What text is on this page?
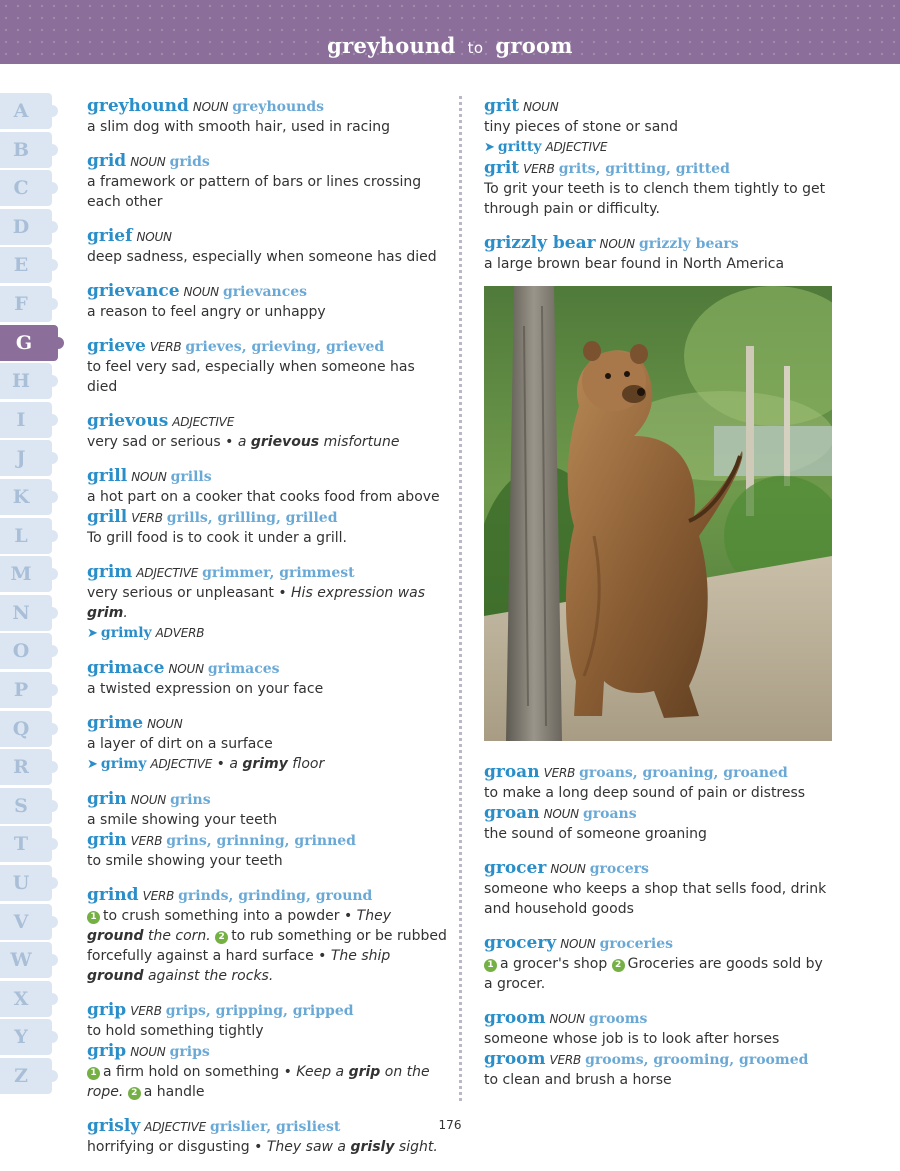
greyhound to groom
A
B
C
D
E
F
G
H
I
J
K
L
M
N
O
P
Q
R
S
T
U
V
W
X
Y
Z
greyhound NOUN greyhounds
a slim dog with smooth hair, used in racing
grid NOUN grids
a framework or pattern of bars or lines crossing each other
grief NOUN
deep sadness, especially when someone has died
grievance NOUN grievances
a reason to feel angry or unhappy
grieve VERB grieves, grieving, grieved
to feel very sad, especially when someone has died
grievous ADJECTIVE
very sad or serious • a grievous misfortune
grill NOUN grills
a hot part on a cooker that cooks food from above
grill VERB grills, grilling, grilled
To grill food is to cook it under a grill.
grim ADJECTIVE grimmer, grimmest
very serious or unpleasant • His expression was grim.
➤ grimly ADVERB
grimace NOUN grimaces
a twisted expression on your face
grime NOUN
a layer of dirt on a surface
➤ grimy ADJECTIVE • a grimy floor
grin NOUN grins
a smile showing your teeth
grin VERB grins, grinning, grinned
to smile showing your teeth
grind VERB grinds, grinding, ground
1 to crush something into a powder • They ground the corn. 2 to rub something or be rubbed forcefully against a hard surface • The ship ground against the rocks.
grip VERB grips, gripping, gripped
to hold something tightly
grip NOUN grips
1 a firm hold on something • Keep a grip on the rope. 2 a handle
grisly ADJECTIVE grislier, grisliest
horrifying or disgusting • They saw a grisly sight.
grit NOUN
tiny pieces of stone or sand
➤ gritty ADJECTIVE
grit VERB grits, gritting, gritted
To grit your teeth is to clench them tightly to get through pain or difficulty.
grizzly bear NOUN grizzly bears
a large brown bear found in North America
groan VERB groans, groaning, groaned
to make a long deep sound of pain or distress
groan NOUN groans
the sound of someone groaning
grocer NOUN grocers
someone who keeps a shop that sells food, drink and household goods
grocery NOUN groceries
1 a grocer's shop 2 Groceries are goods sold by a grocer.
groom NOUN grooms
someone whose job is to look after horses
groom VERB grooms, grooming, groomed
to clean and brush a horse
176
